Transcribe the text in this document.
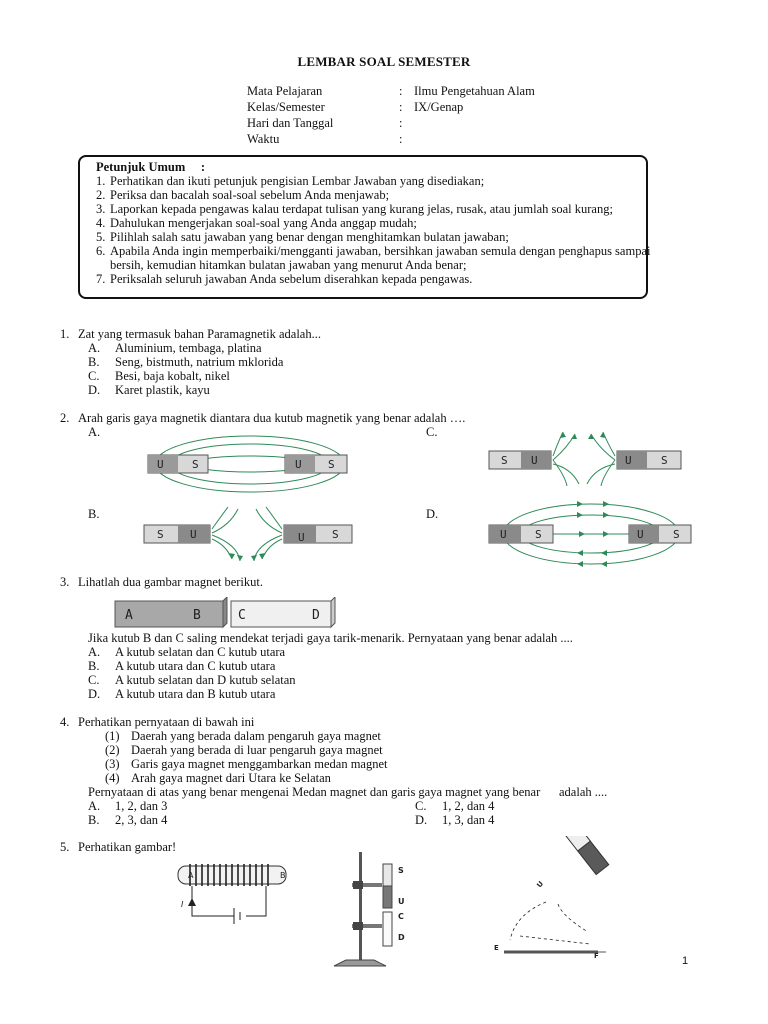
LEMBAR SOAL SEMESTER
Mata Pelajaran	: Ilmu Pengetahuan Alam
Kelas/Semester	: IX/Genap
Hari dan Tanggal	:
Waktu	:
Petunjuk Umum     :
1. Perhatikan dan ikuti petunjuk pengisian Lembar Jawaban yang disediakan;
2. Periksa dan bacalah soal-soal sebelum Anda menjawab;
3. Laporkan kepada pengawas kalau terdapat tulisan yang kurang jelas, rusak, atau jumlah soal kurang;
4. Dahulukan mengerjakan soal-soal yang Anda anggap mudah;
5. Pilihlah salah satu jawaban yang benar dengan menghitamkan bulatan jawaban;
6. Apabila Anda ingin memperbaiki/mengganti jawaban, bersihkan jawaban semula dengan penghapus sampai bersih, kemudian hitamkan bulatan jawaban yang menurut Anda benar;
7. Periksalah seluruh jawaban Anda sebelum diserahkan kepada pengawas.
1. Zat yang termasuk bahan Paramagnetik adalah...
A.	Aluminium, tembaga, platina
B.	Seng, bistmuth, natrium mklorida
C.	Besi, baja kobalt, nikel
D.	Karet plastik, kayu
2. Arah garis gaya magnetik diantara dua kutub magnetik yang benar adalah ….
A.	C.
B.	D.
U	S	U S	S U	U	S
S U	U S	U	S	U	S
3. Lihatlah dua gambar magnet berikut.
A	B	C	D
Jika kutub B dan C saling mendekat terjadi gaya tarik-menarik. Pernyataan yang benar adalah ....
A.	A kutub selatan dan C kutub utara
B.	A kutub utara dan C kutub utara
C.	A kutub selatan dan D kutub selatan
D.	A kutub utara dan B kutub utara
4. Perhatikan pernyataan di bawah ini
(1) Daerah yang berada dalam pengaruh gaya magnet
(2) Daerah yang berada di luar pengaruh gaya magnet
(3) Garis gaya magnet menggambarkan medan magnet
(4) Arah gaya magnet dari Utara ke Selatan
Pernyataan di atas yang benar mengenai Medan magnet dan garis gaya magnet yang benar      adalah ....
A.	1, 2, dan 3
B.	2, 3, dan 4
C.	1, 2, dan 4
D.	1, 3, dan 4
5. Perhatikan gambar!
A	B
I
S
U
C
D
U
E
F	1
